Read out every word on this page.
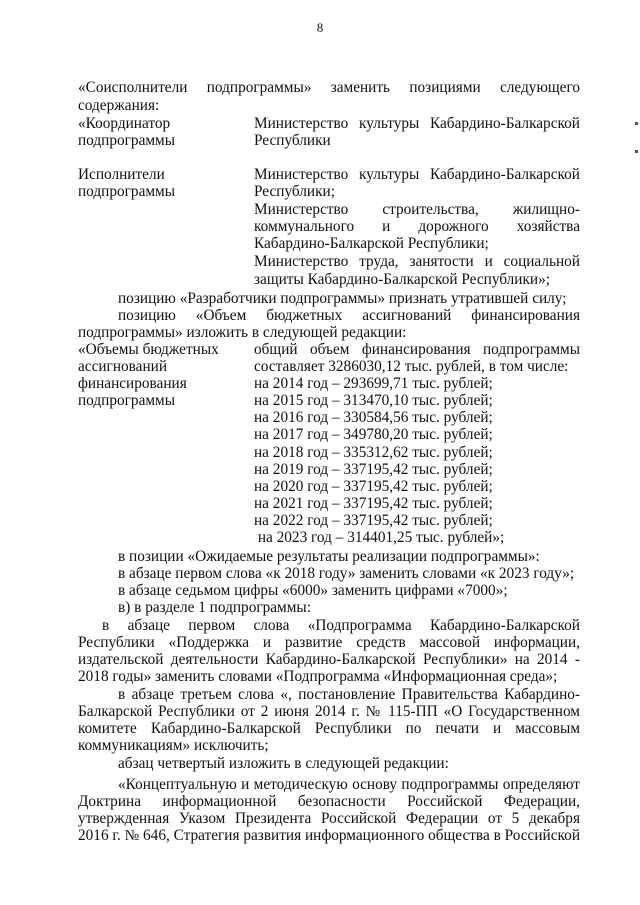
8
«Соисполнители подпрограммы» заменить позициями следующего
содержания:
«Координатор
подпрограммы
Министерство культуры Кабардино-Балкарской
Республики
Исполнители
подпрограммы
Министерство культуры Кабардино-Балкарской
Республики;
Министерство строительства, жилищно-
коммунального и дорожного хозяйства
Кабардино-Балкарской Республики;
Министерство труда, занятости и социальной
защиты Кабардино-Балкарской Республики»;
позицию «Разработчики подпрограммы» признать утратившей силу;
позицию «Объем бюджетных ассигнований финансирования
подпрограммы» изложить в следующей редакции:
«Объемы бюджетных
ассигнований
финансирования
подпрограммы
общий объем финансирования подпрограммы
составляет 3286030,12 тыс. рублей, в том числе:
на 2014 год – 293699,71 тыс. рублей;
на 2015 год – 313470,10 тыс. рублей;
на 2016 год – 330584,56 тыс. рублей;
на 2017 год – 349780,20 тыс. рублей;
на 2018 год – 335312,62 тыс. рублей;
на 2019 год – 337195,42 тыс. рублей;
на 2020 год – 337195,42 тыс. рублей;
на 2021 год – 337195,42 тыс. рублей;
на 2022 год – 337195,42 тыс. рублей;
на 2023 год – 314401,25 тыс. рублей»;
в позиции «Ожидаемые результаты реализации подпрограммы»:
в абзаце первом слова «к 2018 году» заменить словами «к 2023 году»;
в абзаце седьмом цифры «6000» заменить цифрами «7000»;
в) в разделе 1 подпрограммы:
в абзаце первом слова «Подпрограмма Кабардино-Балкарской
Республики «Поддержка и развитие средств массовой информации,
издательской деятельности Кабардино-Балкарской Республики» на 2014 -
2018 годы» заменить словами «Подпрограмма «Информационная среда»;
в абзаце третьем слова «, постановление Правительства Кабардино-
Балкарской Республики от 2 июня 2014 г. № 115-ПП «О Государственном
комитете Кабардино-Балкарской Республики по печати и массовым
коммуникациям» исключить;
абзац четвертый изложить в следующей редакции:
«Концептуальную и методическую основу подпрограммы определяют
Доктрина информационной безопасности Российской Федерации,
утвержденная Указом Президента Российской Федерации от 5 декабря
2016 г. № 646, Стратегия развития информационного общества в Российской
